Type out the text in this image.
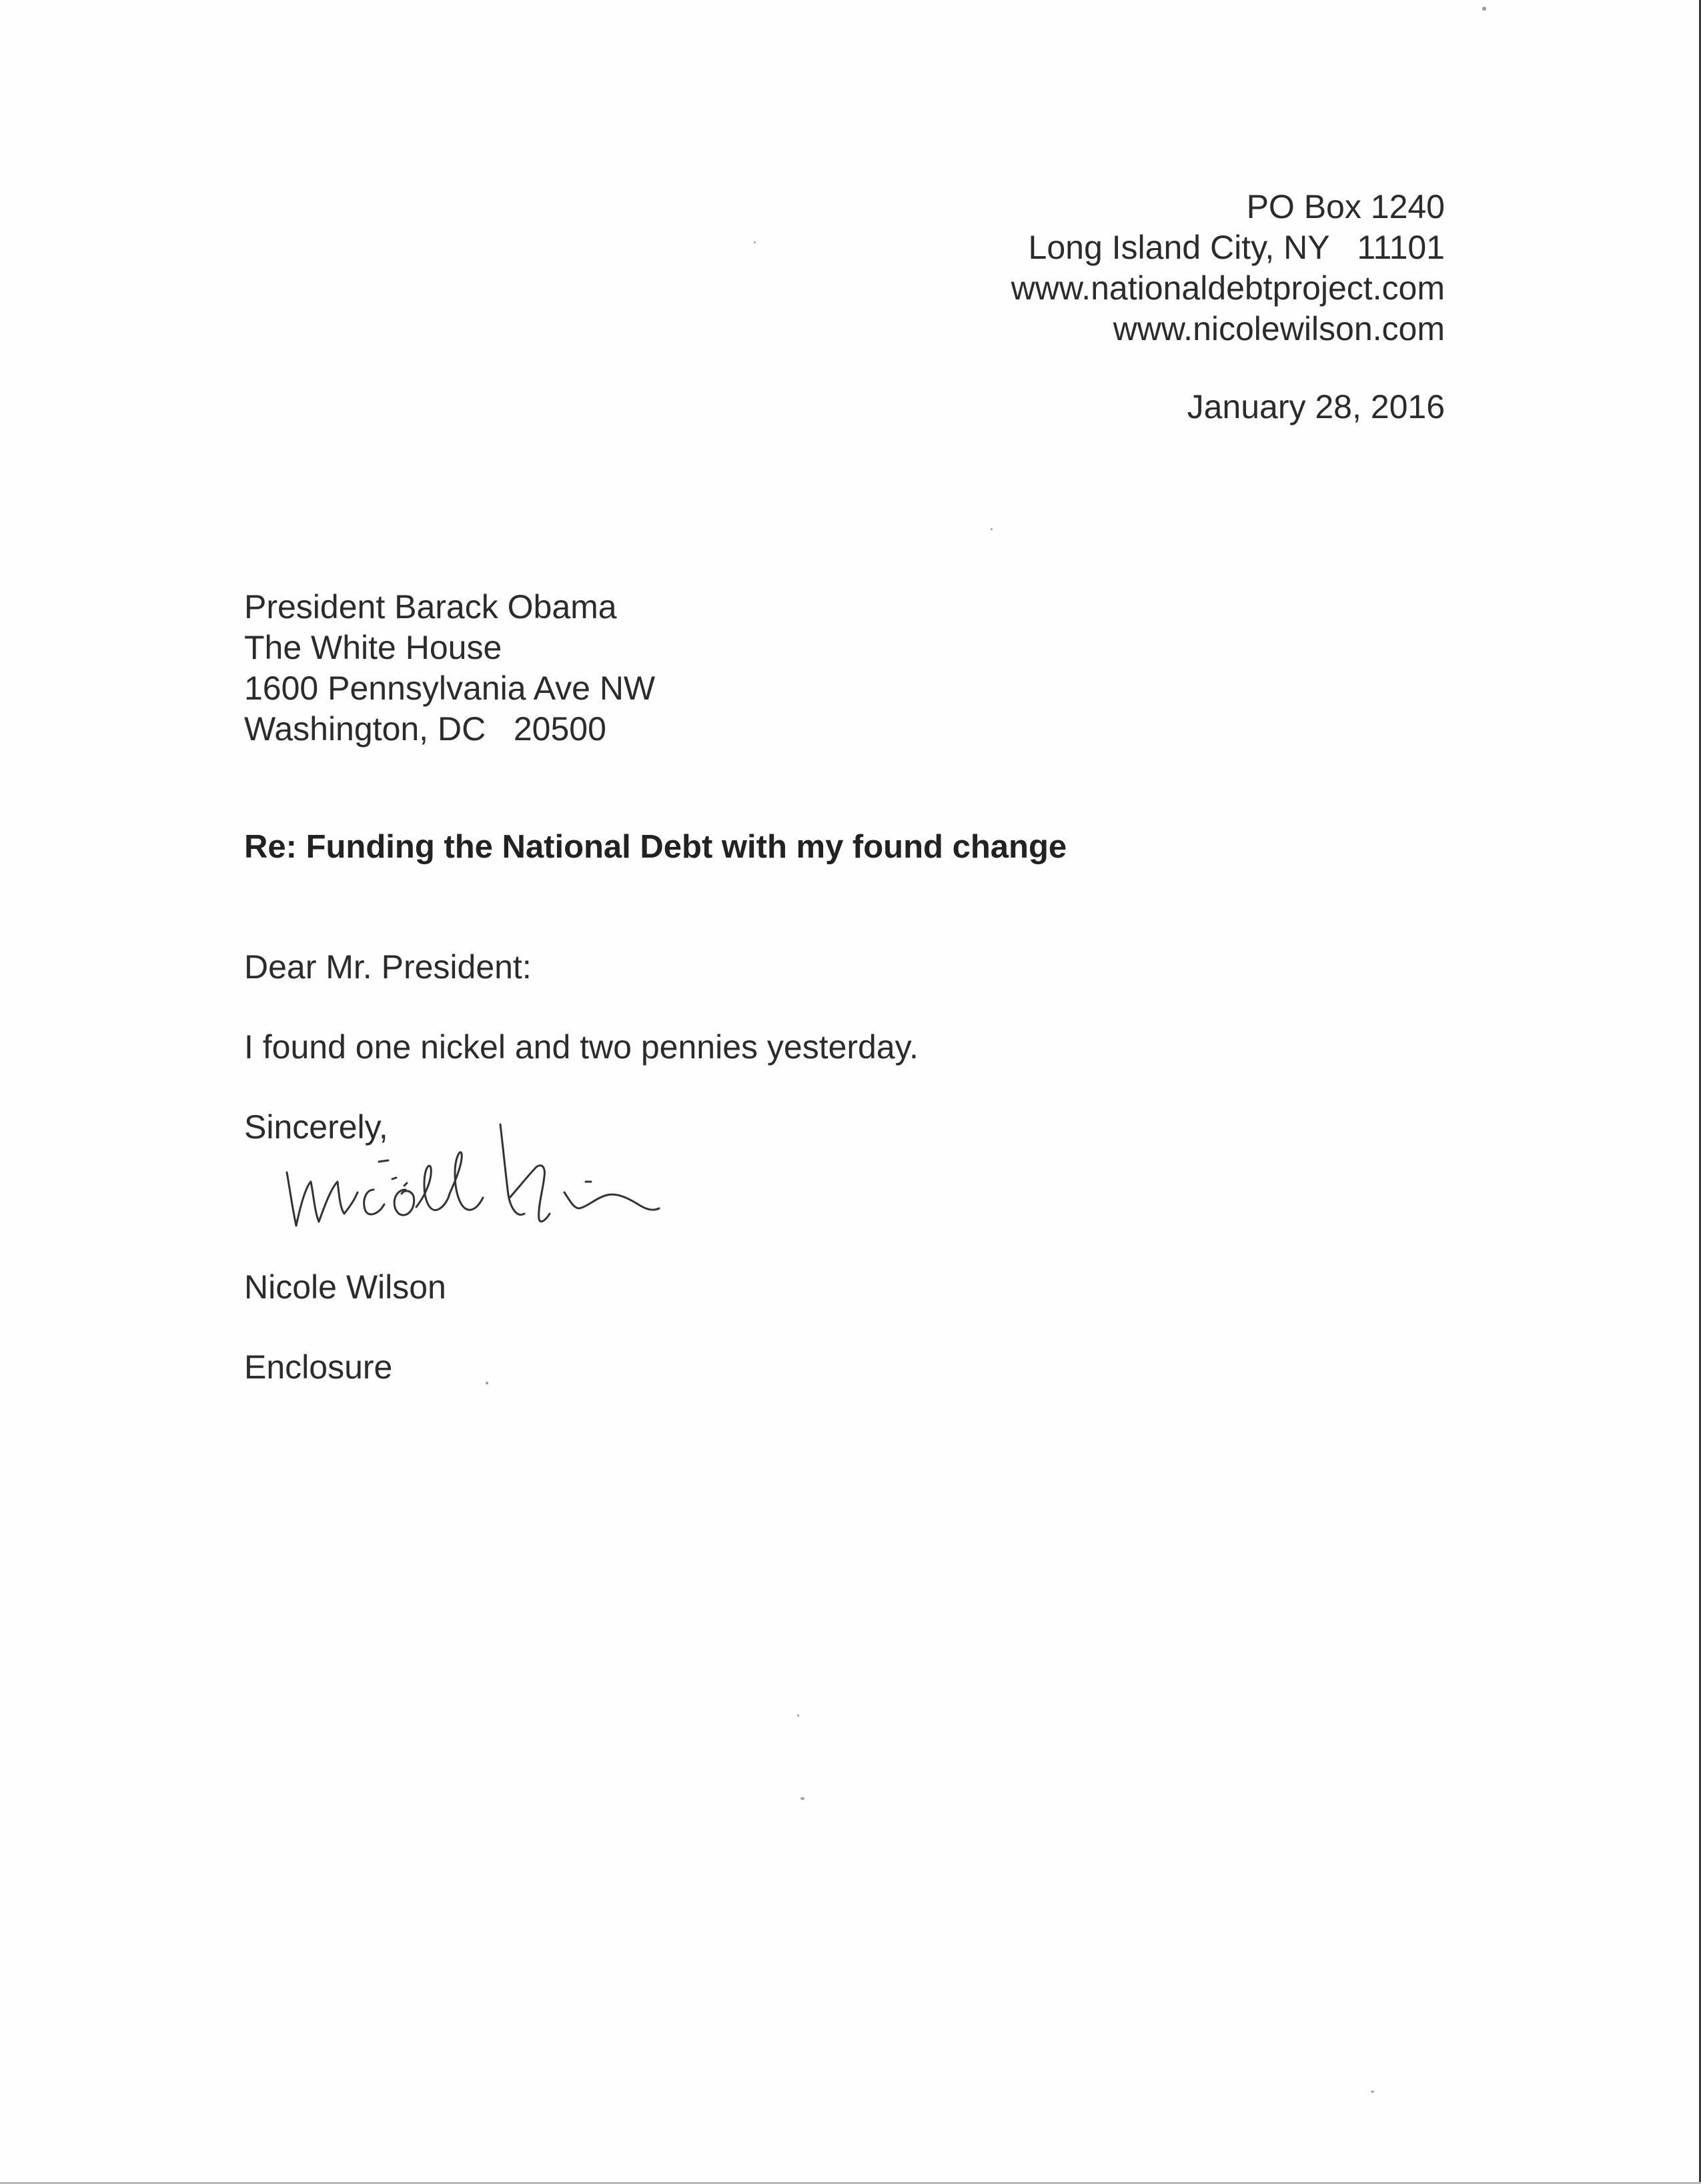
PO Box 1240
Long Island City, NY   11101
www.nationaldebtproject.com
www.nicolewilson.com
January 28, 2016
President Barack Obama
The White House
1600 Pennsylvania Ave NW
Washington, DC   20500
Re: Funding the National Debt with my found change
Dear Mr. President:
I found one nickel and two pennies yesterday.
Sincerely,
Nicole Wilson
Enclosure
